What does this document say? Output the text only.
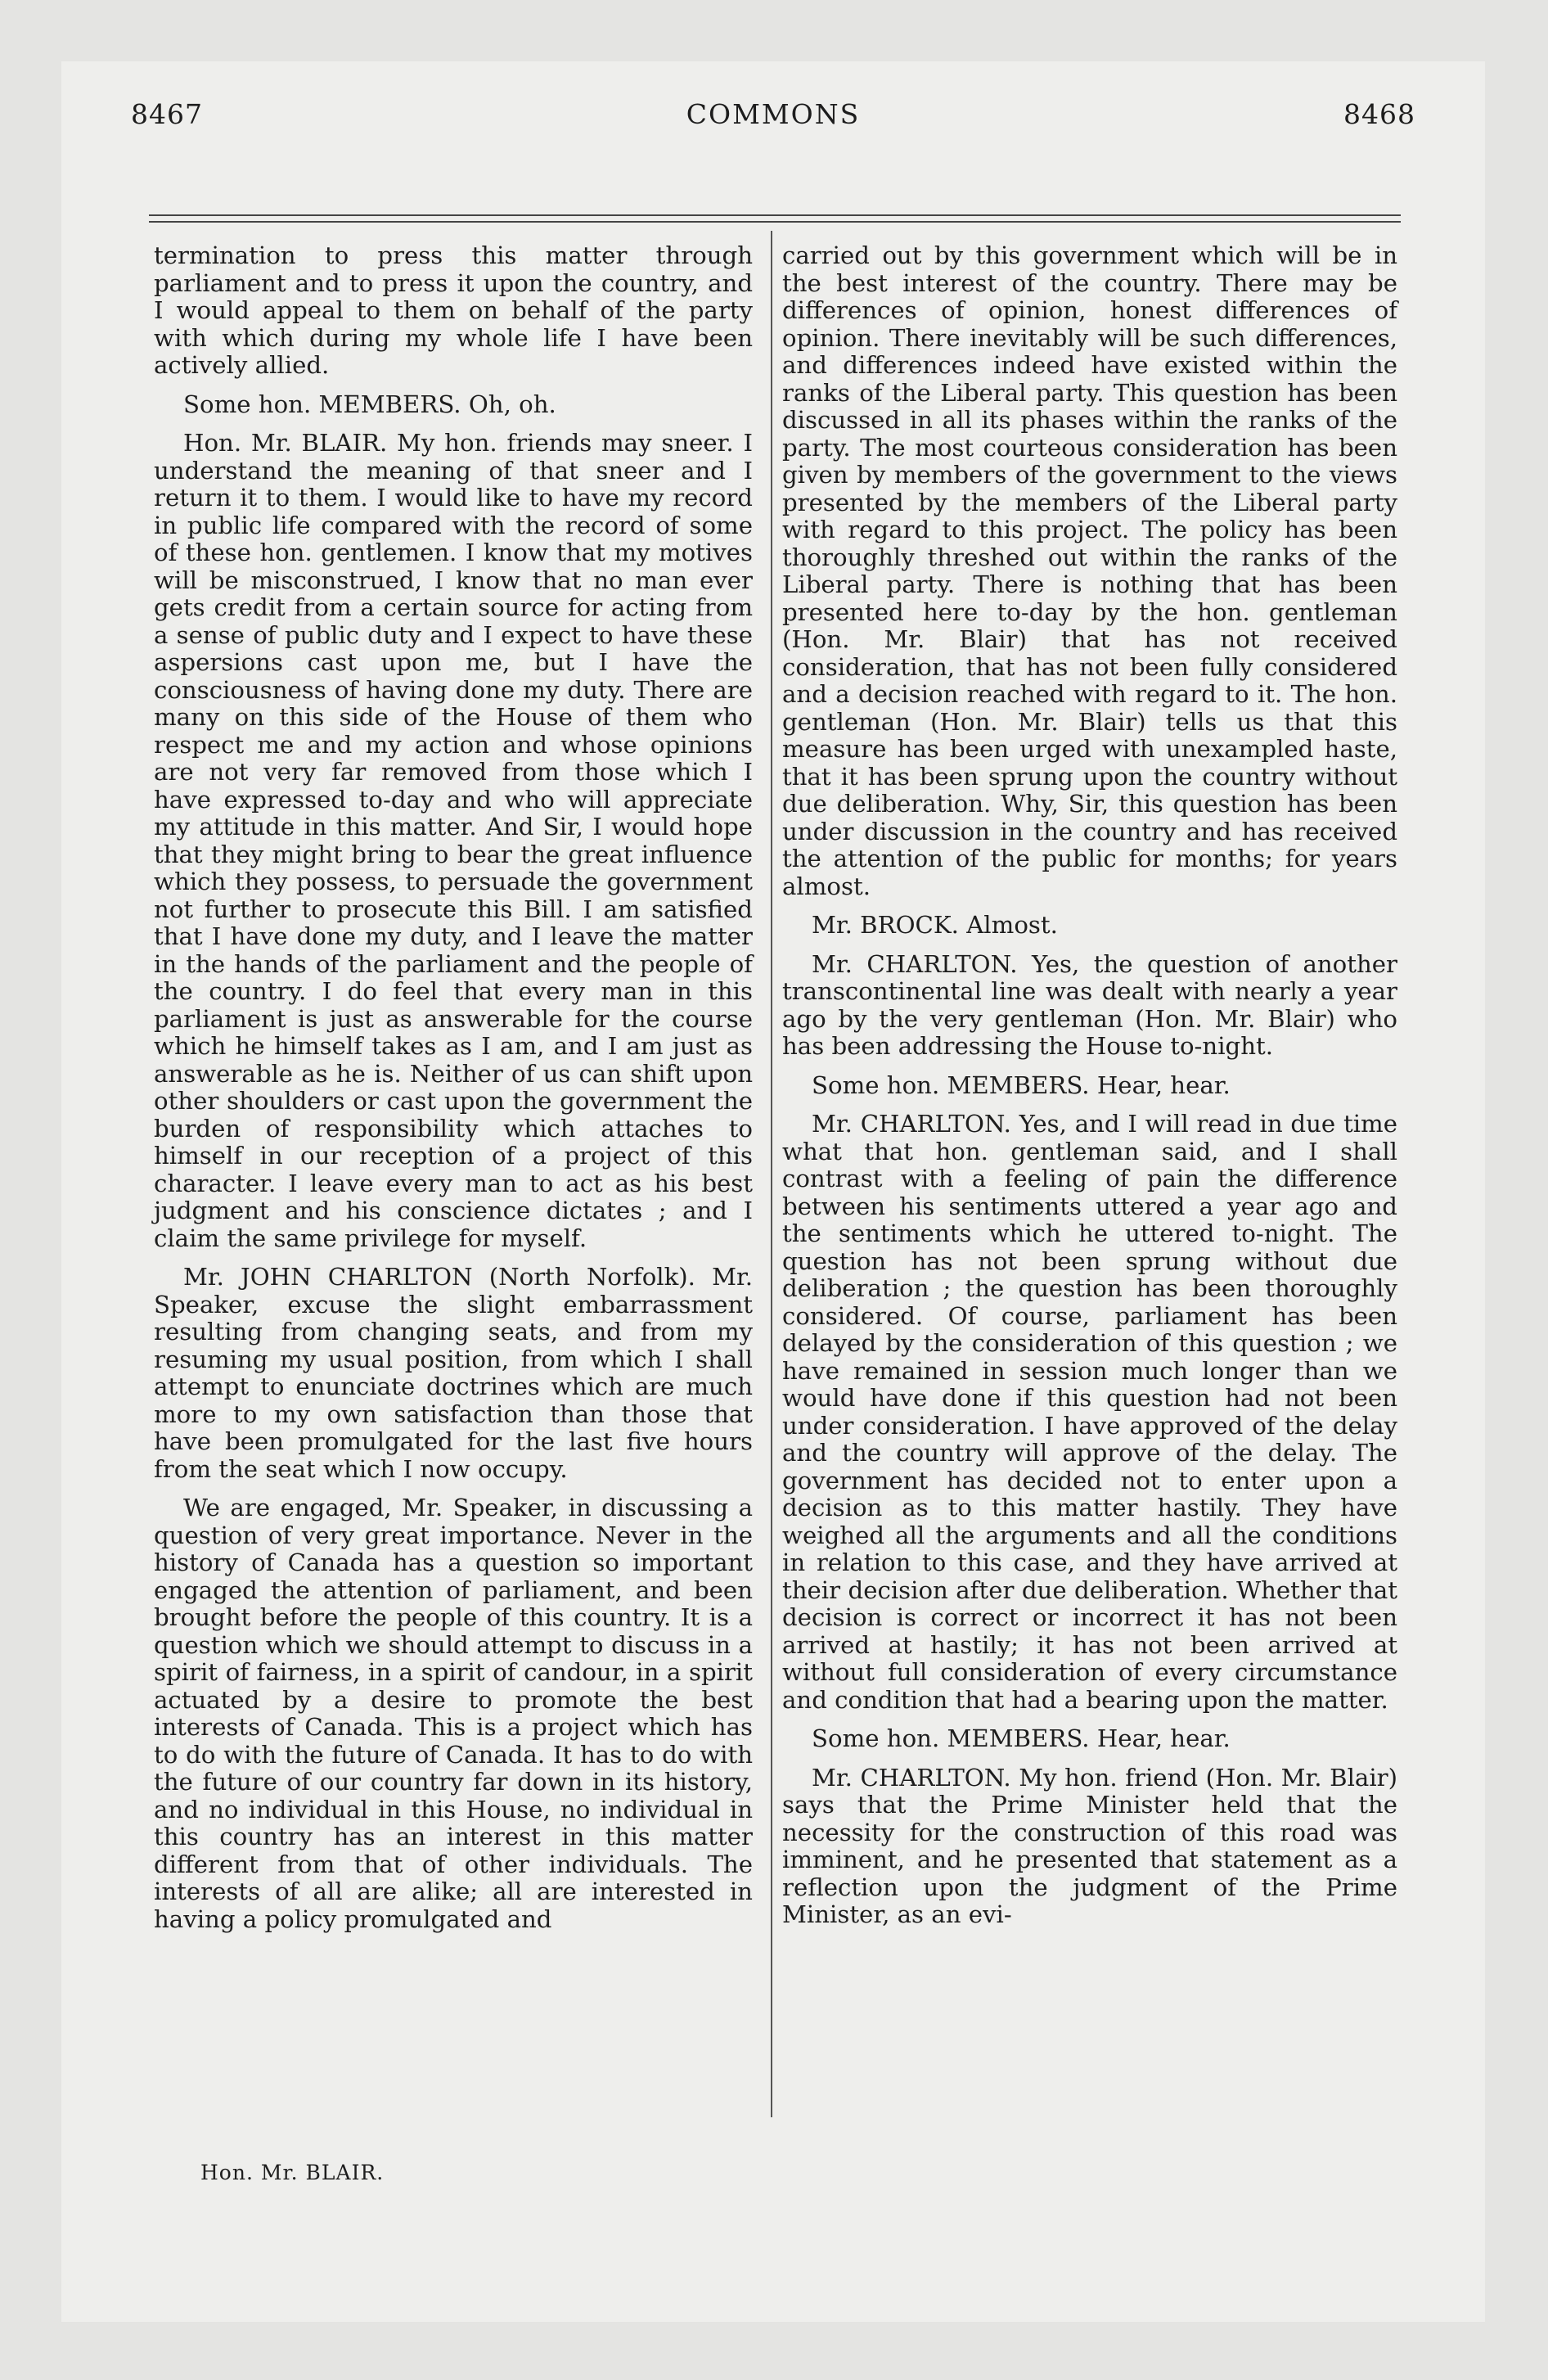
8467	COMMONS	8468

termination to press this matter through parliament and to press it upon the country, and I would appeal to them on behalf of the party with which during my whole life I have been actively allied.

Some hon. MEMBERS. Oh, oh.

Hon. Mr. BLAIR. My hon. friends may sneer. I understand the meaning of that sneer and I return it to them. I would like to have my record in public life compared with the record of some of these hon. gentlemen. I know that my motives will be misconstrued, I know that no man ever gets credit from a certain source for acting from a sense of public duty and I expect to have these aspersions cast upon me, but I have the consciousness of having done my duty. There are many on this side of the House of them who respect me and my action and whose opinions are not very far removed from those which I have expressed to-day and who will appreciate my attitude in this matter. And Sir, I would hope that they might bring to bear the great influence which they possess, to persuade the government not further to prosecute this Bill. I am satisfied that I have done my duty, and I leave the matter in the hands of the parliament and the people of the country. I do feel that every man in this parliament is just as answerable for the course which he himself takes as I am, and I am just as answerable as he is. Neither of us can shift upon other shoulders or cast upon the government the burden of responsibility which attaches to himself in our reception of a project of this character. I leave every man to act as his best judgment and his conscience dictates ; and I claim the same privilege for myself.

Mr. JOHN CHARLTON (North Norfolk). Mr. Speaker, excuse the slight embarrassment resulting from changing seats, and from my resuming my usual position, from which I shall attempt to enunciate doctrines which are much more to my own satisfaction than those that have been promulgated for the last five hours from the seat which I now occupy.

We are engaged, Mr. Speaker, in discussing a question of very great importance. Never in the history of Canada has a question so important engaged the attention of parliament, and been brought before the people of this country. It is a question which we should attempt to discuss in a spirit of fairness, in a spirit of candour, in a spirit actuated by a desire to promote the best interests of Canada. This is a project which has to do with the future of Canada. It has to do with the future of our country far down in its history, and no individual in this House, no individual in this country has an interest in this matter different from that of other individuals. The interests of all are alike; all are interested in having a policy promulgated and

carried out by this government which will be in the best interest of the country. There may be differences of opinion, honest differences of opinion. There inevitably will be such differences, and differences indeed have existed within the ranks of the Liberal party. This question has been discussed in all its phases within the ranks of the party. The most courteous consideration has been given by members of the government to the views presented by the members of the Liberal party with regard to this project. The policy has been thoroughly threshed out within the ranks of the Liberal party. There is nothing that has been presented here to-day by the hon. gentleman (Hon. Mr. Blair) that has not received consideration, that has not been fully considered and a decision reached with regard to it. The hon. gentleman (Hon. Mr. Blair) tells us that this measure has been urged with unexampled haste, that it has been sprung upon the country without due deliberation. Why, Sir, this question has been under discussion in the country and has received the attention of the public for months; for years almost.

Mr. BROCK. Almost.

Mr. CHARLTON. Yes, the question of another transcontinental line was dealt with nearly a year ago by the very gentleman (Hon. Mr. Blair) who has been addressing the House to-night.

Some hon. MEMBERS. Hear, hear.

Mr. CHARLTON. Yes, and I will read in due time what that hon. gentleman said, and I shall contrast with a feeling of pain the difference between his sentiments uttered a year ago and the sentiments which he uttered to-night. The question has not been sprung without due deliberation ; the question has been thoroughly considered. Of course, parliament has been delayed by the consideration of this question ; we have remained in session much longer than we would have done if this question had not been under consideration. I have approved of the delay and the country will approve of the delay. The government has decided not to enter upon a decision as to this matter hastily. They have weighed all the arguments and all the conditions in relation to this case, and they have arrived at their decision after due deliberation. Whether that decision is correct or incorrect it has not been arrived at hastily; it has not been arrived at without full consideration of every circumstance and condition that had a bearing upon the matter.

Some hon. MEMBERS. Hear, hear.

Mr. CHARLTON. My hon. friend (Hon. Mr. Blair) says that the Prime Minister held that the necessity for the construction of this road was imminent, and he presented that statement as a reflection upon the judgment of the Prime Minister, as an evi-

Hon. Mr. BLAIR.
